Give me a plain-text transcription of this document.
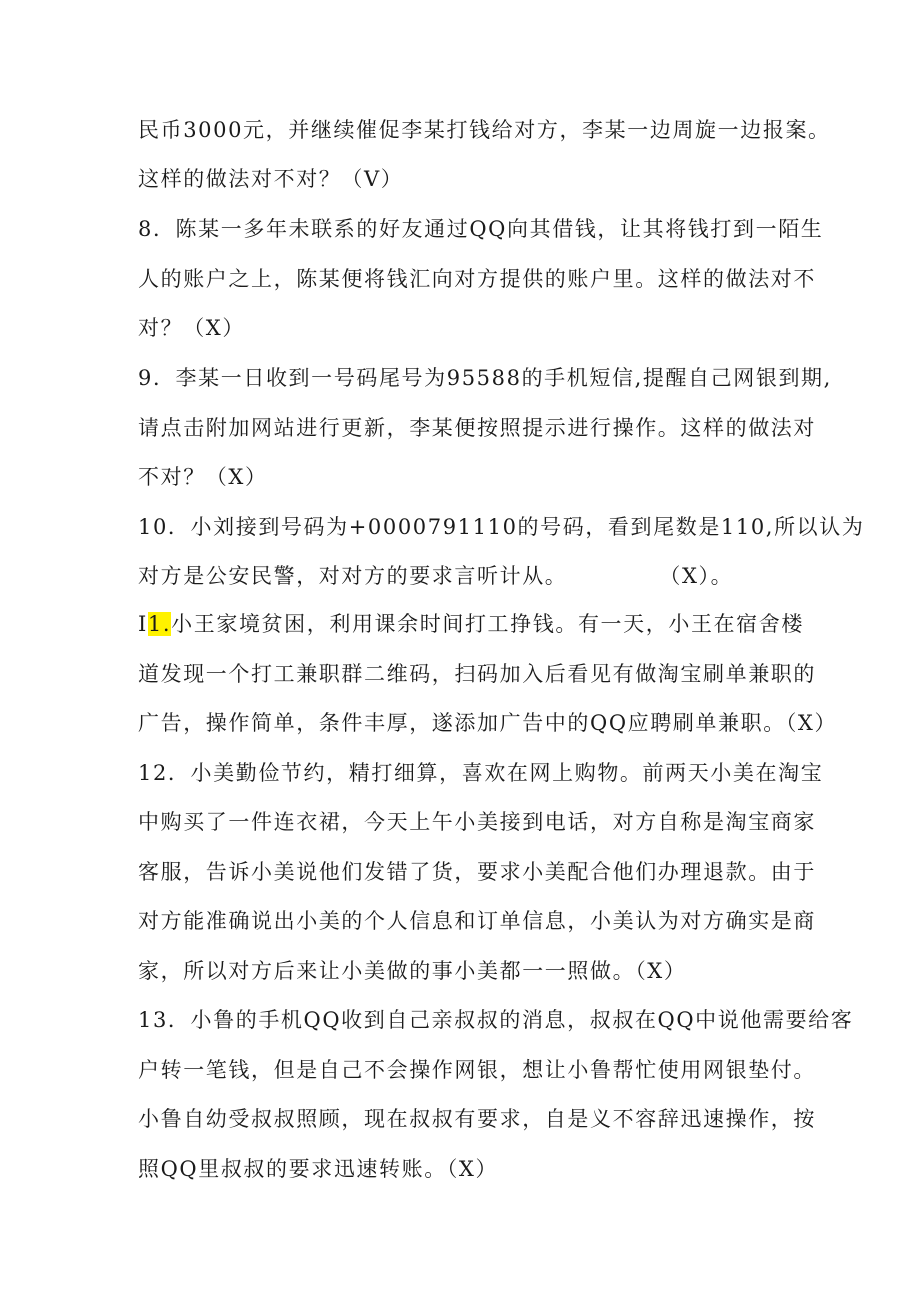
民币3000元，并继续催促李某打钱给对方，李某一边周旋一边报案。
这样的做法对不对？（V）
8．陈某一多年未联系的好友通过QQ向其借钱，让其将钱打到一陌生
人的账户之上，陈某便将钱汇向对方提供的账户里。这样的做法对不
对？（X）
9．李某一日收到一号码尾号为95588的手机短信,提醒自己网银到期,
请点击附加网站进行更新，李某便按照提示进行操作。这样的做法对
不对？（X）
10．小刘接到号码为+0000791110的号码，看到尾数是110,所以认为
对方是公安民警，对对方的要求言听计从。　　　　　（X）。
I1.小王家境贫困，利用课余时间打工挣钱。有一天，小王在宿舍楼
道发现一个打工兼职群二维码，扫码加入后看见有做淘宝刷单兼职的
广告，操作简单，条件丰厚，遂添加广告中的QQ应聘刷单兼职。（X）
12．小美勤俭节约，精打细算，喜欢在网上购物。前两天小美在淘宝
中购买了一件连衣裙，今天上午小美接到电话，对方自称是淘宝商家
客服，告诉小美说他们发错了货，要求小美配合他们办理退款。由于
对方能准确说出小美的个人信息和订单信息，小美认为对方确实是商
家，所以对方后来让小美做的事小美都一一照做。（X）
13．小鲁的手机QQ收到自己亲叔叔的消息，叔叔在QQ中说他需要给客
户转一笔钱，但是自己不会操作网银，想让小鲁帮忙使用网银垫付。
小鲁自幼受叔叔照顾，现在叔叔有要求，自是义不容辞迅速操作，按
照QQ里叔叔的要求迅速转账。（X）
